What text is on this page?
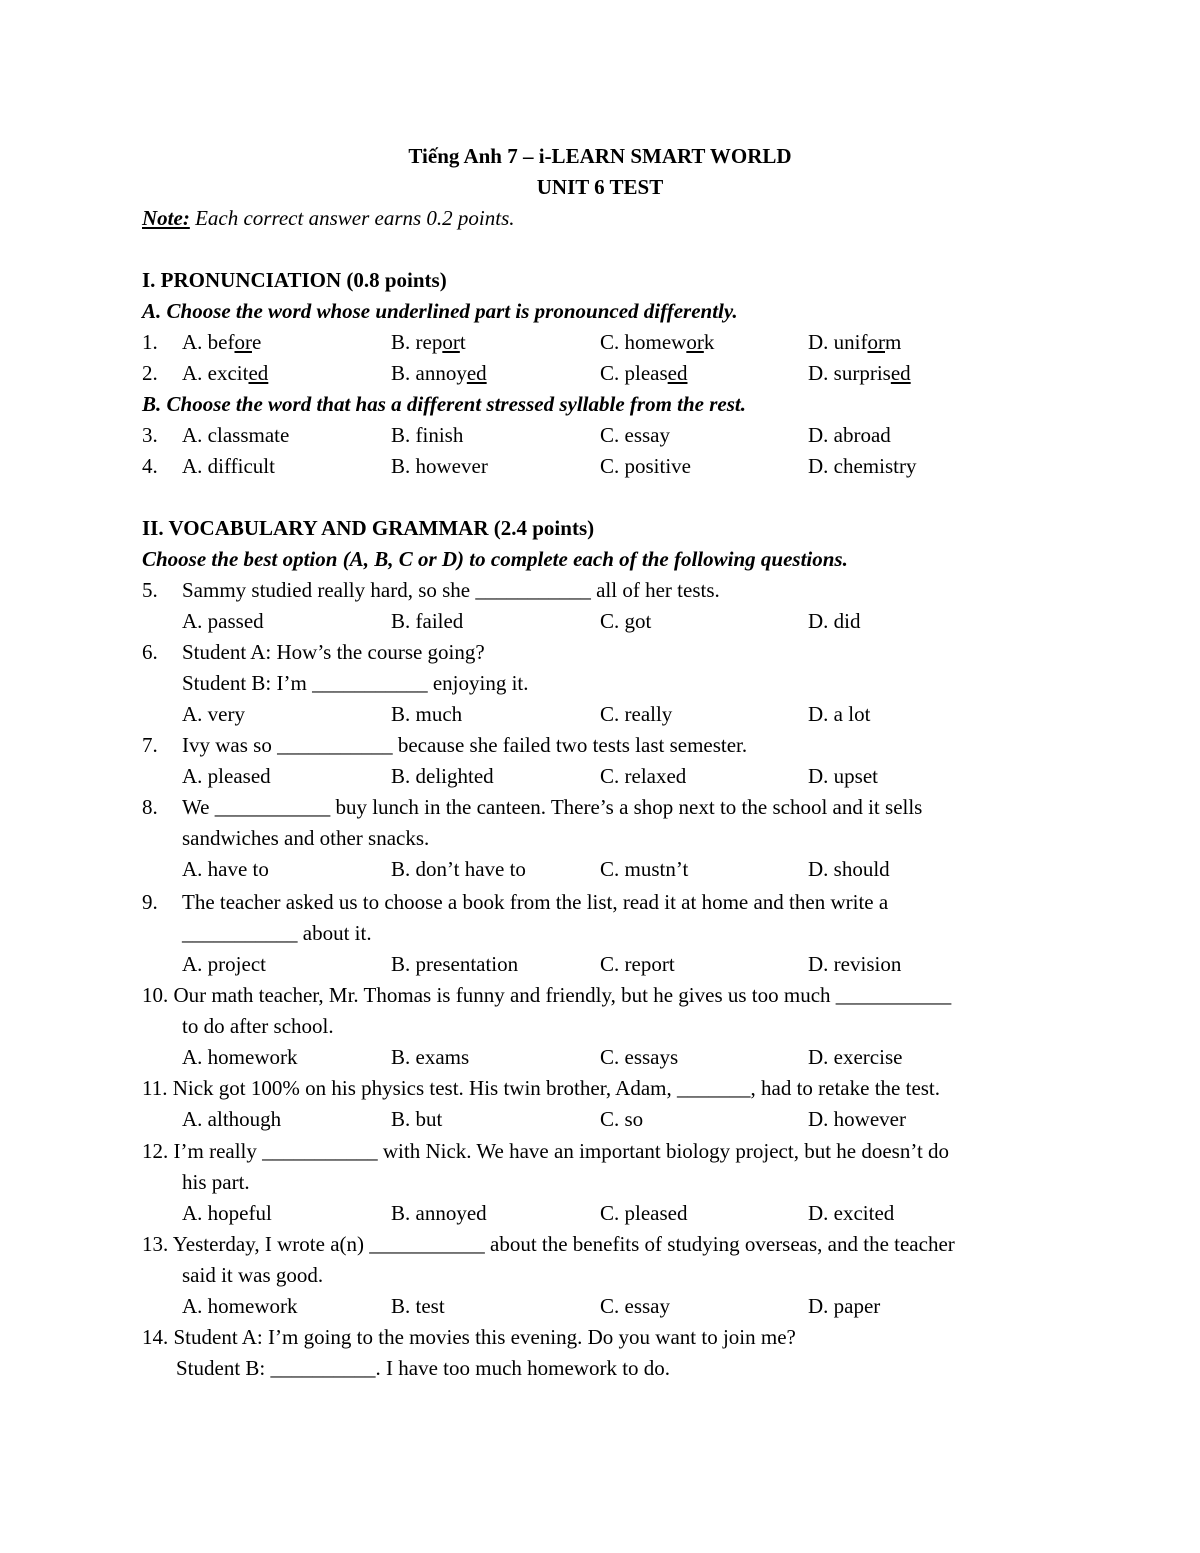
Tiếng Anh 7 – i-LEARN SMART WORLD
UNIT 6 TEST
Note: Each correct answer earns 0.2 points.
I. PRONUNCIATION (0.8 points)
A. Choose the word whose underlined part is pronounced differently.
1. A. before	B. report	C. homework	D. uniform
2. A. excited	B. annoyed	C. pleased	D. surprised
B. Choose the word that has a different stressed syllable from the rest.
3. A. classmate	B. finish	C. essay	D. abroad
4. A. difficult	B. however	C. positive	D. chemistry
II. VOCABULARY AND GRAMMAR (2.4 points)
Choose the best option (A, B, C or D) to complete each of the following questions.
5. Sammy studied really hard, so she ___________ all of her tests.
A. passed	B. failed	C. got	D. did
6. Student A: How’s the course going?
Student B: I’m ___________ enjoying it.
A. very	B. much	C. really	D. a lot
7. Ivy was so ___________ because she failed two tests last semester.
A. pleased	B. delighted	C. relaxed	D. upset
8. We ___________ buy lunch in the canteen. There’s a shop next to the school and it sells
sandwiches and other snacks.
A. have to	B. don’t have to	C. mustn’t	D. should
9. The teacher asked us to choose a book from the list, read it at home and then write a
___________ about it.
A. project	B. presentation	C. report	D. revision
10. Our math teacher, Mr. Thomas is funny and friendly, but he gives us too much ___________
to do after school.
A. homework	B. exams	C. essays	D. exercise
11. Nick got 100% on his physics test. His twin brother, Adam, _______, had to retake the test.
A. although	B. but	C. so	D. however
12. I’m really ___________ with Nick. We have an important biology project, but he doesn’t do
his part.
A. hopeful	B. annoyed	C. pleased	D. excited
13. Yesterday, I wrote a(n) ___________ about the benefits of studying overseas, and the teacher
said it was good.
A. homework	B. test	C. essay	D. paper
14. Student A: I’m going to the movies this evening. Do you want to join me?
Student B: __________. I have too much homework to do.
